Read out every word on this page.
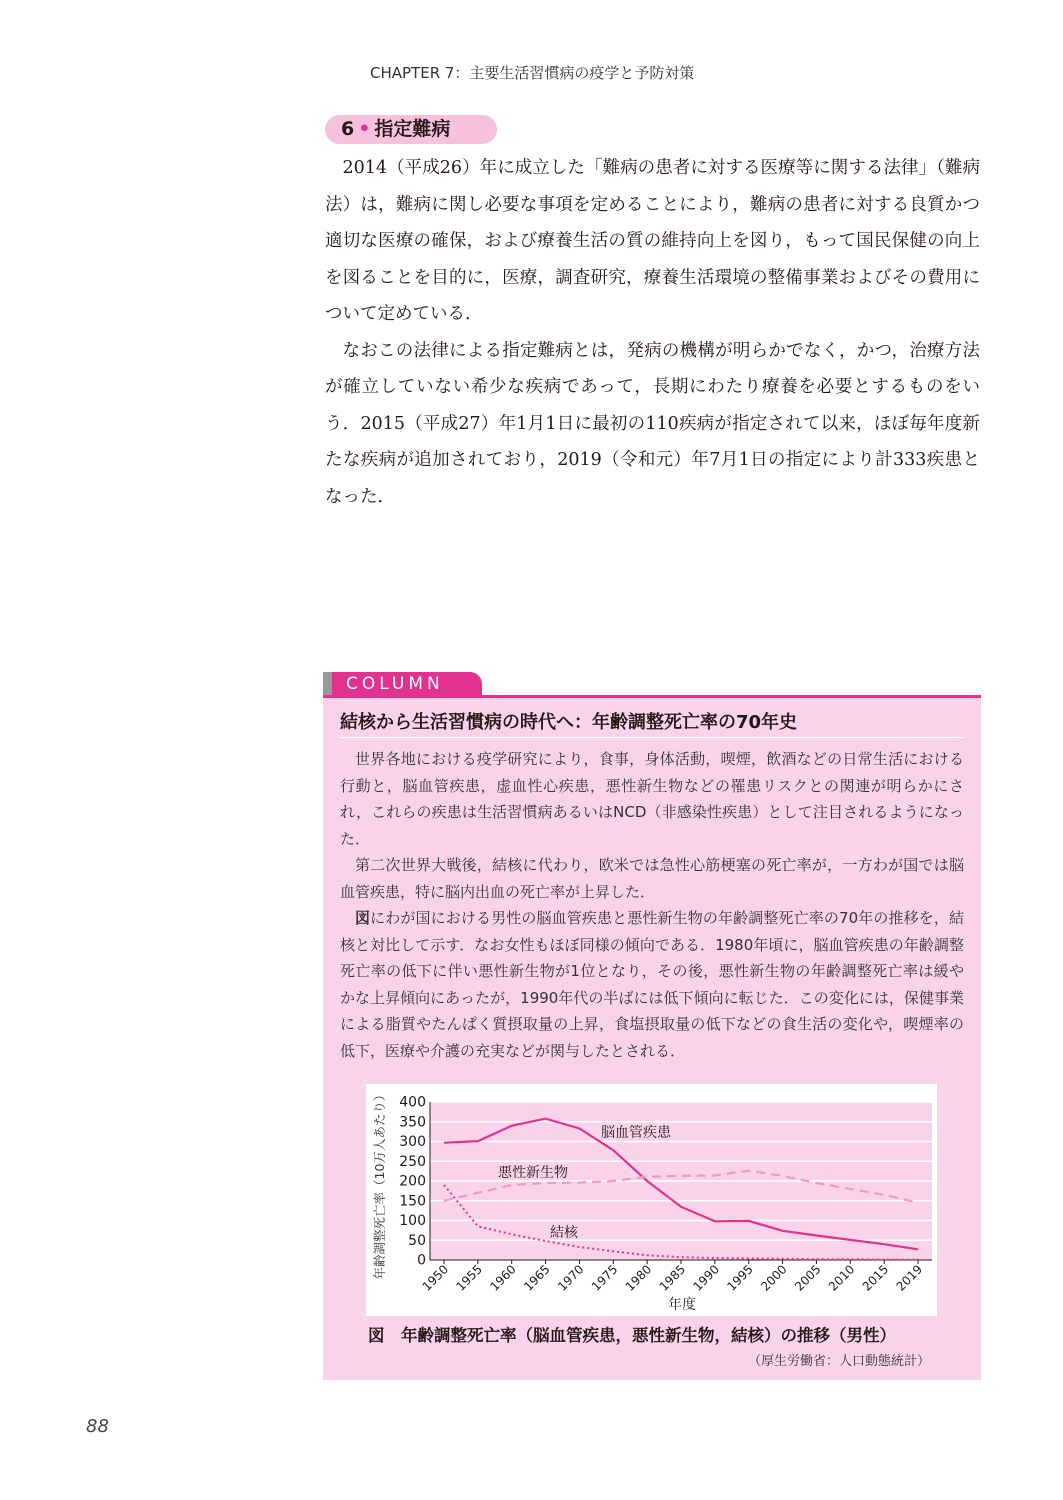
CHAPTER 7：主要生活習慣病の疫学と予防対策
6 • 指定難病

2014（平成26）年に成立した「難病の患者に対する医療等に関する法律」（難病法）は，難病に関し必要な事項を定めることにより，難病の患者に対する良質かつ適切な医療の確保，および療養生活の質の維持向上を図り，もって国民保健の向上を図ることを目的に，医療，調査研究，療養生活環境の整備事業およびその費用について定めている．

なおこの法律による指定難病とは，発病の機構が明らかでなく，かつ，治療方法が確立していない希少な疾病であって，長期にわたり療養を必要とするものをいう．2015（平成27）年1月1日に最初の110疾病が指定されて以来，ほぼ毎年度新たな疾病が追加されており，2019（令和元）年7月1日の指定により計333疾患となった．

COLUMN
結核から生活習慣病の時代へ：年齢調整死亡率の70年史

世界各地における疫学研究により，食事，身体活動，喫煙，飲酒などの日常生活における行動と，脳血管疾患，虚血性心疾患，悪性新生物などの罹患リスクとの関連が明らかにされ，これらの疾患は生活習慣病あるいはNCD（非感染性疾患）として注目されるようになった．

第二次世界大戦後，結核に代わり，欧米では急性心筋梗塞の死亡率が，一方わが国では脳血管疾患，特に脳内出血の死亡率が上昇した．

図にわが国における男性の脳血管疾患と悪性新生物の年齢調整死亡率の70年の推移を，結核と対比して示す．なお女性もほぼ同様の傾向である．1980年頃に，脳血管疾患の年齢調整死亡率の低下に伴い悪性新生物が1位となり，その後，悪性新生物の年齢調整死亡率は緩やかな上昇傾向にあったが，1990年代の半ばには低下傾向に転じた．この変化には，保健事業による脂質やたんぱく質摂取量の上昇，食塩摂取量の低下などの食生活の変化や，喫煙率の低下，医療や介護の充実などが関与したとされる．

0
50
100
150
200
250
300
350
400
1950 1955 1960 1965 1970 1975 1980 1985 1990 1995 2000 2005 2010 2015 2019
脳血管疾患
悪性新生物
結核
年度
年齢調整死亡率（10万人あたり）
図　年齢調整死亡率（脳血管疾患，悪性新生物，結核）の推移（男性）
（厚生労働省：人口動態統計）
88
